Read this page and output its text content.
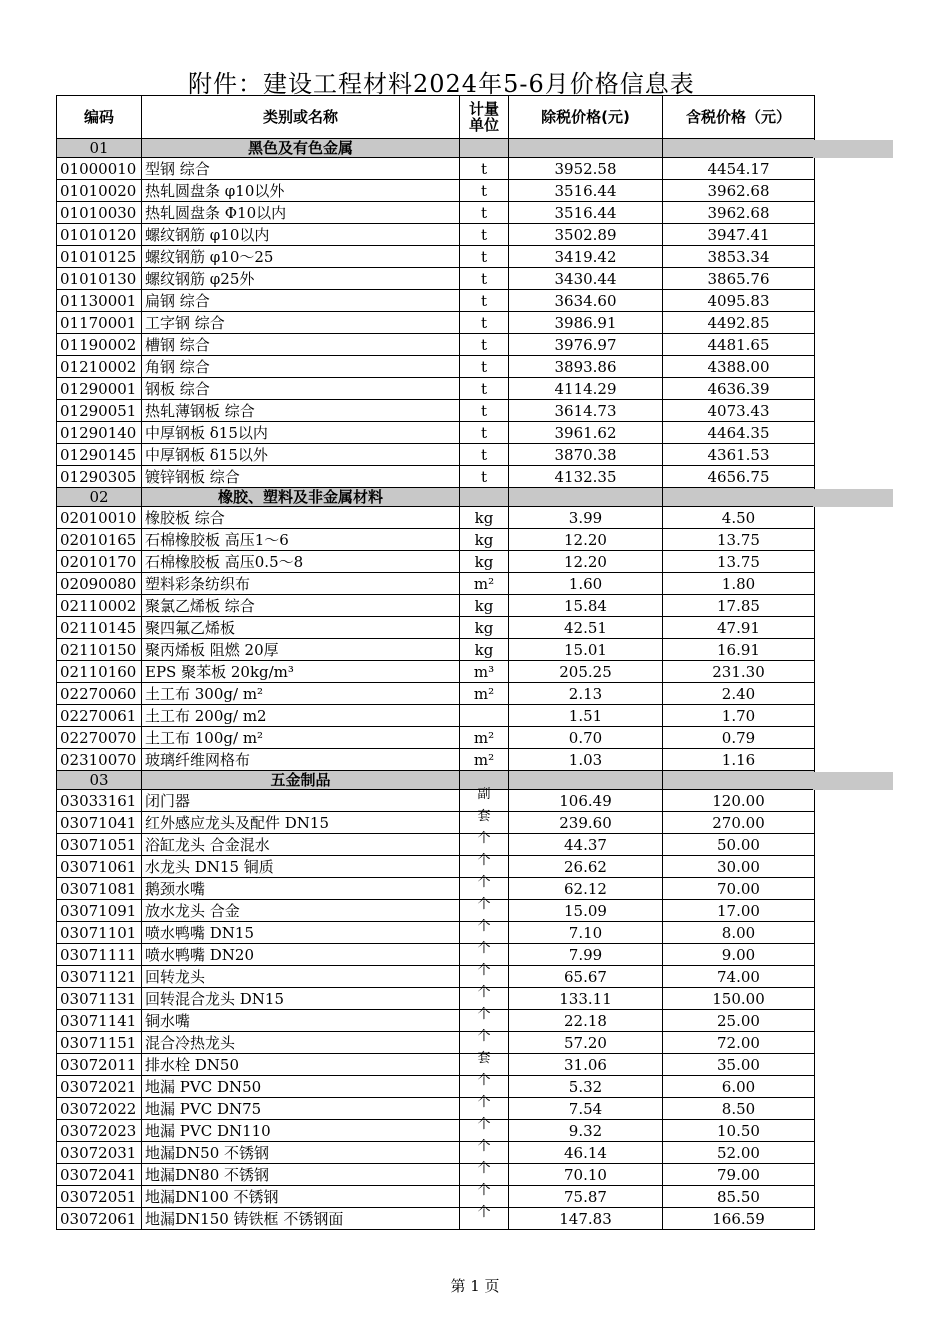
附件：建设工程材料2024年5-6月价格信息表
编码	类别或名称	计量单位	除税价格(元)	含税价格（元）
01	黑色及有色金属			
01000010	型钢 综合	t	3952.58	4454.17
01010020	热轧圆盘条 φ10以外	t	3516.44	3962.68
01010030	热轧圆盘条 Φ10以内	t	3516.44	3962.68
01010120	螺纹钢筋 φ10以内	t	3502.89	3947.41
01010125	螺纹钢筋 φ10～25	t	3419.42	3853.34
01010130	螺纹钢筋 φ25外	t	3430.44	3865.76
01130001	扁钢 综合	t	3634.60	4095.83
01170001	工字钢 综合	t	3986.91	4492.85
01190002	槽钢 综合	t	3976.97	4481.65
01210002	角钢 综合	t	3893.86	4388.00
01290001	钢板 综合	t	4114.29	4636.39
01290051	热轧薄钢板 综合	t	3614.73	4073.43
01290140	中厚钢板 δ15以内	t	3961.62	4464.35
01290145	中厚钢板 δ15以外	t	3870.38	4361.53
01290305	镀锌钢板 综合	t	4132.35	4656.75
02	橡胶、塑料及非金属材料			
02010010	橡胶板 综合	kg	3.99	4.50
02010165	石棉橡胶板 高压1～6	kg	12.20	13.75
02010170	石棉橡胶板 高压0.5～8	kg	12.20	13.75
02090080	塑料彩条纺织布	m²	1.60	1.80
02110002	聚氯乙烯板 综合	kg	15.84	17.85
02110145	聚四氟乙烯板	kg	42.51	47.91
02110150	聚丙烯板 阻燃 20厚	kg	15.01	16.91
02110160	EPS 聚苯板 20kg/m³	m³	205.25	231.30
02270060	土工布 300g/ m²	m²	2.13	2.40
02270061	土工布 200g/ m2		1.51	1.70
02270070	土工布 100g/ m²	m²	0.70	0.79
02310070	玻璃纤维网格布	m²	1.03	1.16
03	五金制品			
03033161	闭门器	副	106.49	120.00
03071041	红外感应龙头及配件 DN15	套	239.60	270.00
03071051	浴缸龙头 合金混水	个	44.37	50.00
03071061	水龙头 DN15 铜质	个	26.62	30.00
03071081	鹅颈水嘴	个	62.12	70.00
03071091	放水龙头 合金	个	15.09	17.00
03071101	喷水鸭嘴 DN15	个	7.10	8.00
03071111	喷水鸭嘴 DN20	个	7.99	9.00
03071121	回转龙头	个	65.67	74.00
03071131	回转混合龙头 DN15	个	133.11	150.00
03071141	铜水嘴	个	22.18	25.00
03071151	混合冷热龙头	个	57.20	72.00
03072011	排水栓 DN50	套	31.06	35.00
03072021	地漏 PVC DN50	个	5.32	6.00
03072022	地漏 PVC DN75	个	7.54	8.50
03072023	地漏 PVC DN110	个	9.32	10.50
03072031	地漏DN50 不锈钢	个	46.14	52.00
03072041	地漏DN80 不锈钢	个	70.10	79.00
03072051	地漏DN100 不锈钢	个	75.87	85.50
03072061	地漏DN150 铸铁框 不锈钢面	个	147.83	166.59
第 1 页
